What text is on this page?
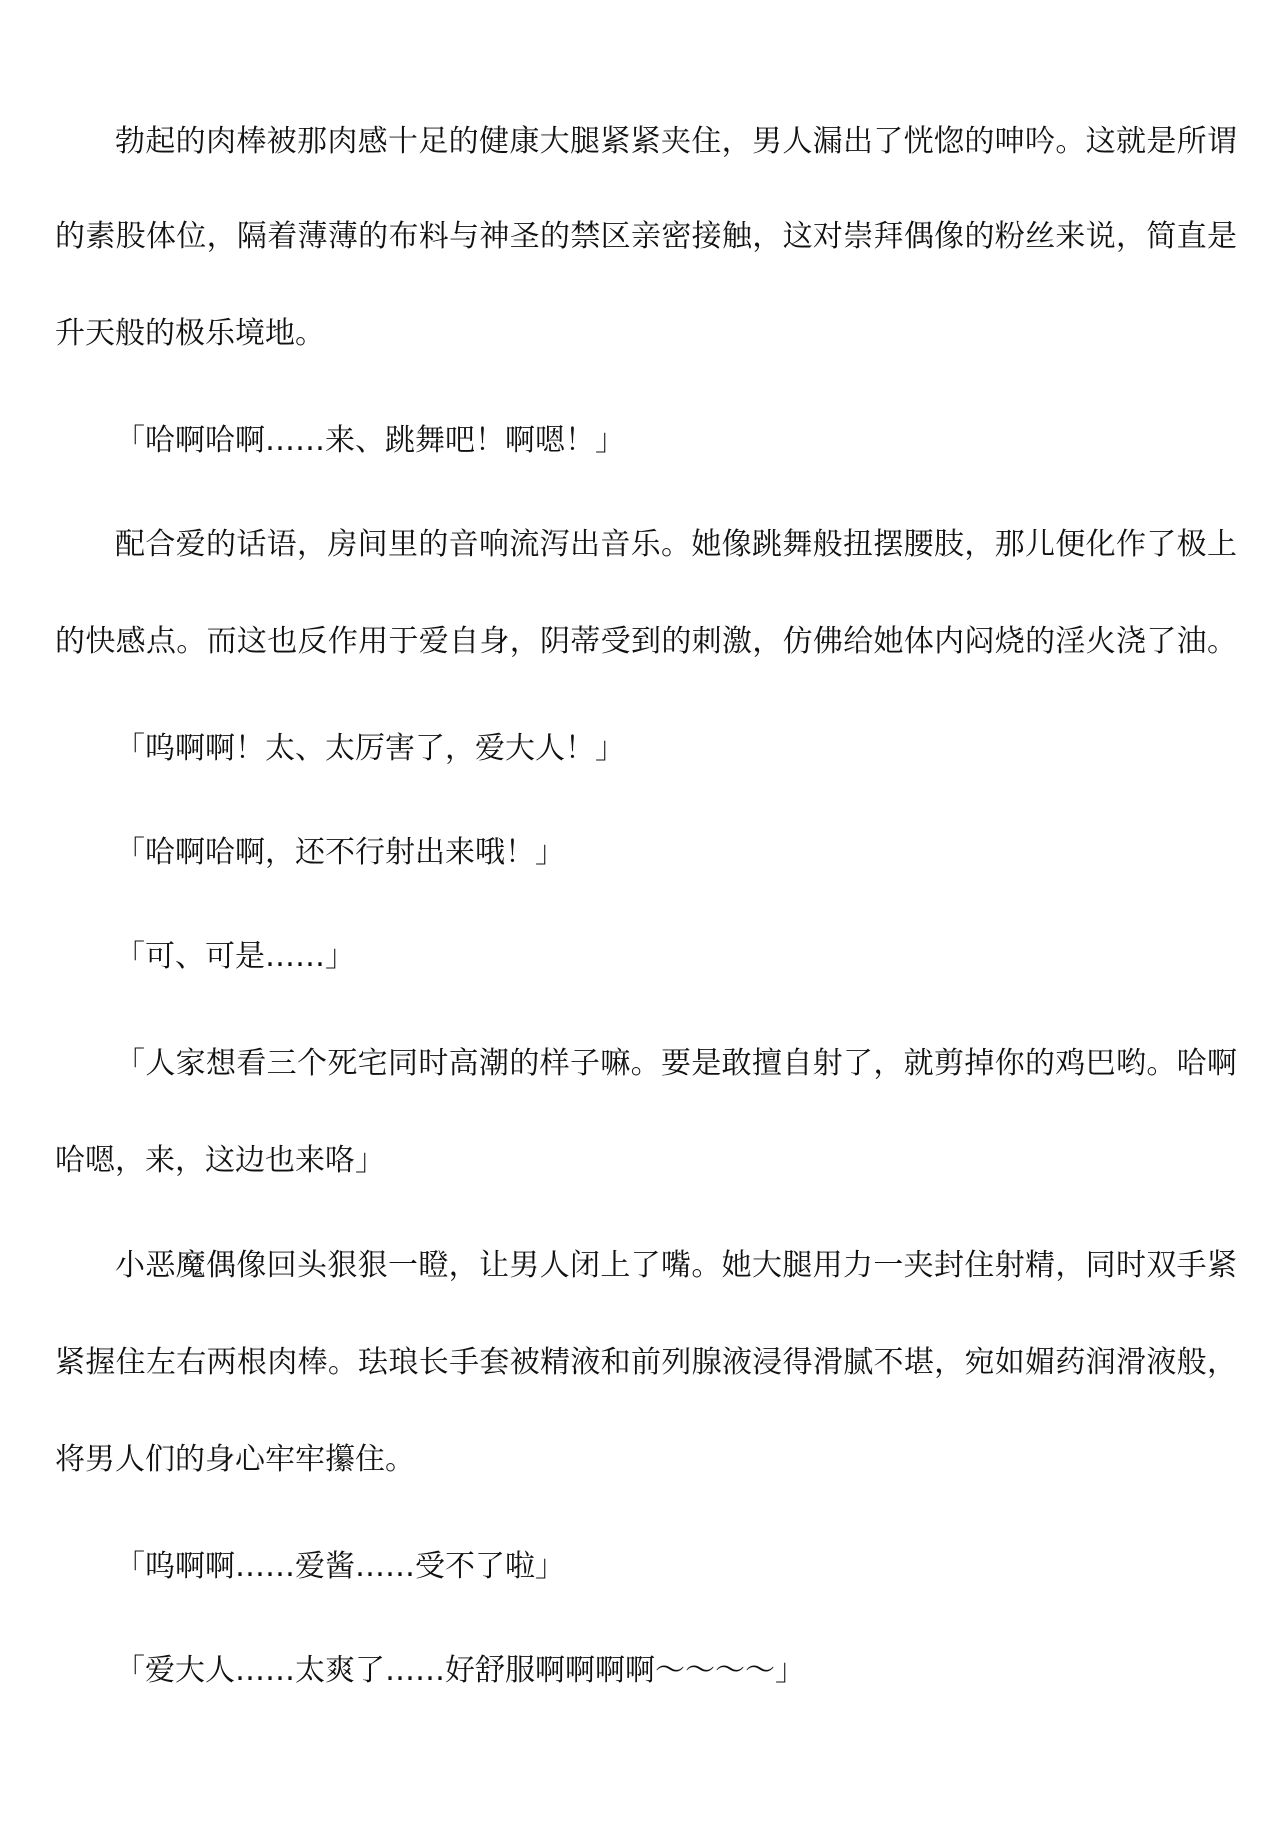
勃起的肉棒被那肉感十足的健康大腿紧紧夹住，男人漏出了恍惚的呻吟。这就是所谓
的素股体位，隔着薄薄的布料与神圣的禁区亲密接触，这对崇拜偶像的粉丝来说，简直是
升天般的极乐境地。
「哈啊哈啊……来、跳舞吧！啊嗯！」
配合爱的话语，房间里的音响流泻出音乐。她像跳舞般扭摆腰肢，那儿便化作了极上
的快感点。而这也反作用于爱自身，阴蒂受到的刺激，仿佛给她体内闷烧的淫火浇了油。
「呜啊啊！太、太厉害了，爱大人！」
「哈啊哈啊，还不行射出来哦！」
「可、可是……」
「人家想看三个死宅同时高潮的样子嘛。要是敢擅自射了，就剪掉你的鸡巴哟。哈啊
哈嗯，来，这边也来咯」
小恶魔偶像回头狠狠一瞪，让男人闭上了嘴。她大腿用力一夹封住射精，同时双手紧
紧握住左右两根肉棒。珐琅长手套被精液和前列腺液浸得滑腻不堪，宛如媚药润滑液般，
将男人们的身心牢牢攥住。
「呜啊啊……爱酱……受不了啦」
「爱大人……太爽了……好舒服啊啊啊啊～～～～」
